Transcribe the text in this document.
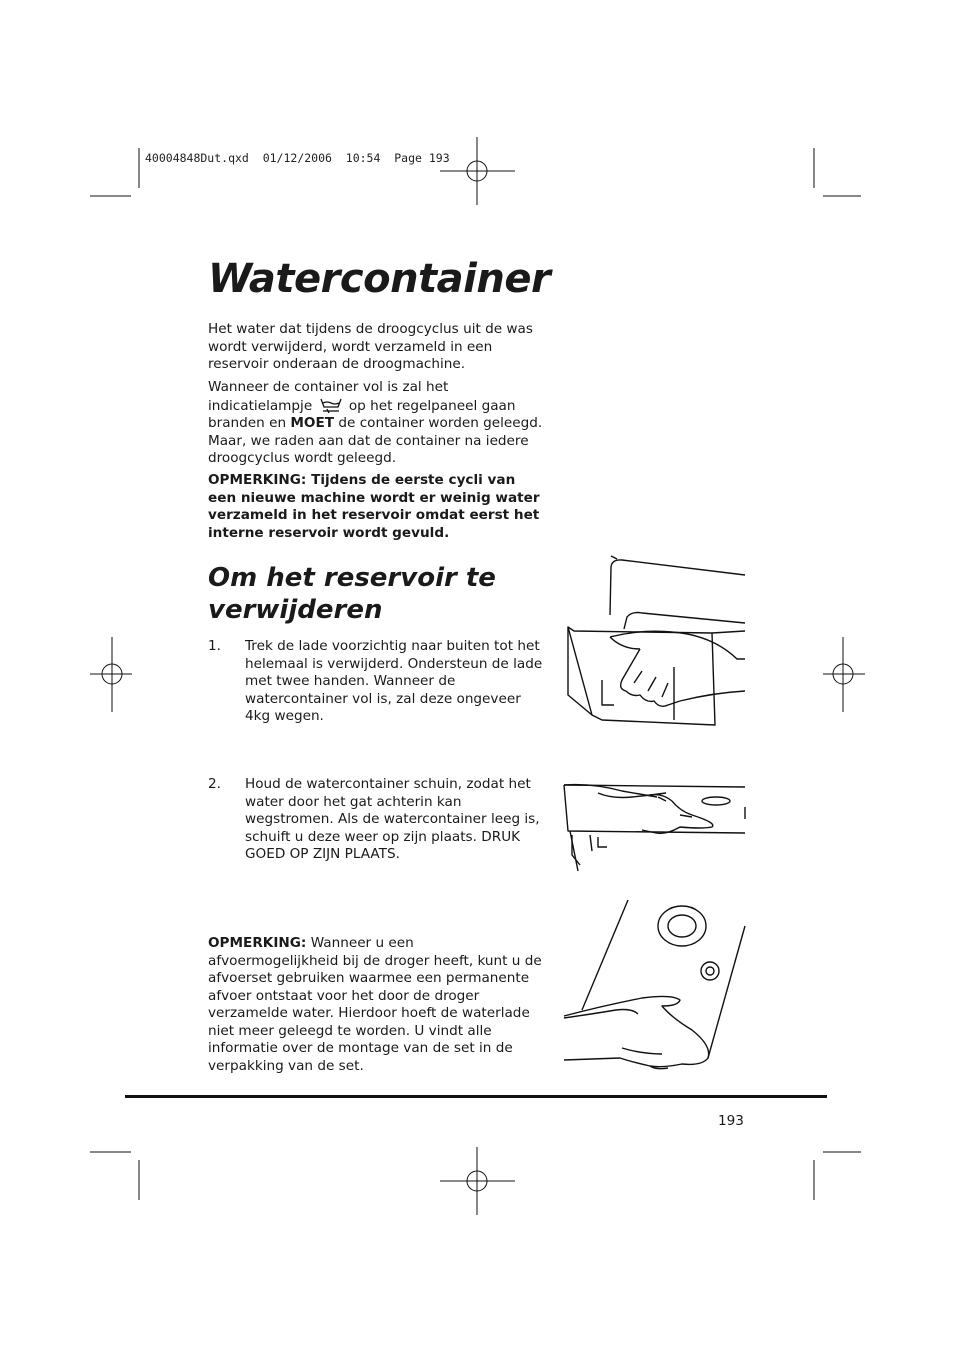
40004848Dut.qxd  01/12/2006  10:54  Page 193
Watercontainer

Het water dat tijdens de droogcyclus uit de was wordt verwijderd, wordt verzameld in een reservoir onderaan de droogmachine.

Wanneer de container vol is zal het indicatielampje	op het regelpaneel gaan branden en MOET de container worden geleegd. Maar, we raden aan dat de container na iedere droogcyclus wordt geleegd.

OPMERKING: Tijdens de eerste cycli van een nieuwe machine wordt er weinig water verzameld in het reservoir omdat eerst het interne reservoir wordt gevuld.

Om het reservoir te verwijderen
1. Trek de lade voorzichtig naar buiten tot het helemaal is verwijderd. Ondersteun de lade met twee handen. Wanneer de watercontainer vol is, zal deze ongeveer 4kg wegen.
2. Houd de watercontainer schuin, zodat het water door het gat achterin kan wegstromen. Als de watercontainer leeg is, schuift u deze weer op zijn plaats. DRUK GOED OP ZIJN PLAATS.

OPMERKING: Wanneer u een afvoermogelijkheid bij de droger heeft, kunt u de afvoerset gebruiken waarmee een permanente afvoer ontstaat voor het door de droger verzamelde water. Hierdoor hoeft de waterlade niet meer geleegd te worden. U vindt alle informatie over de montage van de set in de verpakking van de set.

193
